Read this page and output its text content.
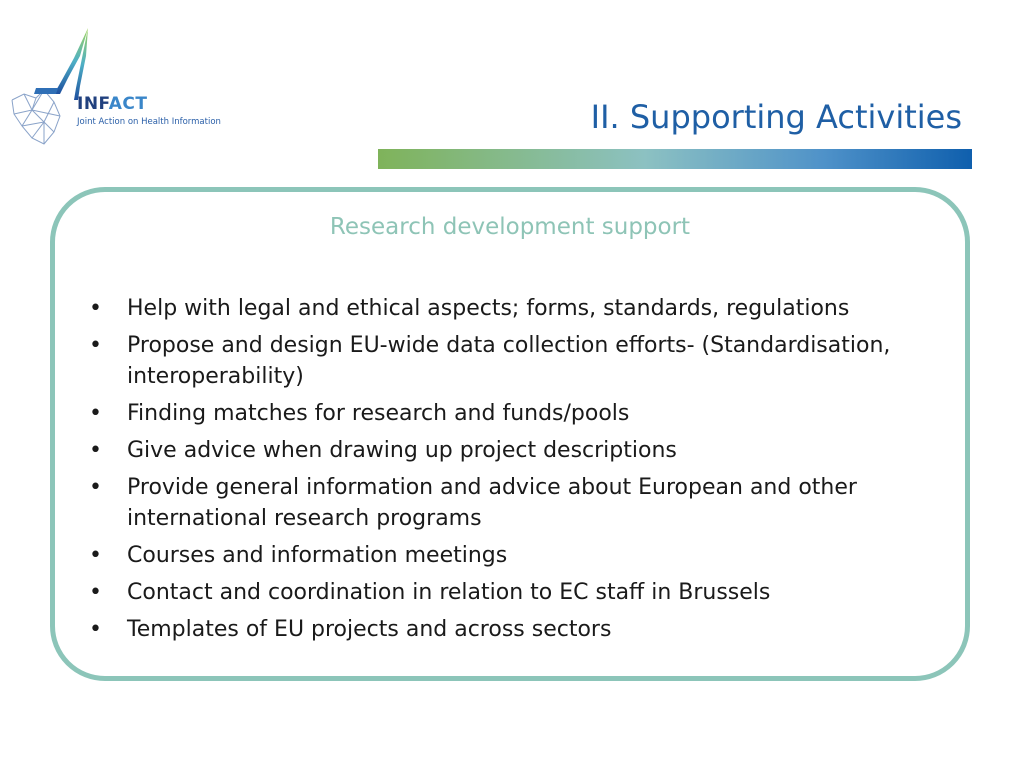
INFACT
Joint Action on Health Information	II. Supporting Activities
Research development support
•	Help with legal and ethical aspects; forms, standards, regulations
•	Propose and design EU-wide data collection efforts- (Standardisation, interoperability)
•	Finding matches for research and funds/pools
•	Give advice when drawing up project descriptions
•	Provide general information and advice about European and other international research programs
•	Courses and information meetings
•	Contact and coordination in relation to EC staff in Brussels
•	Templates of EU projects and across sectors
